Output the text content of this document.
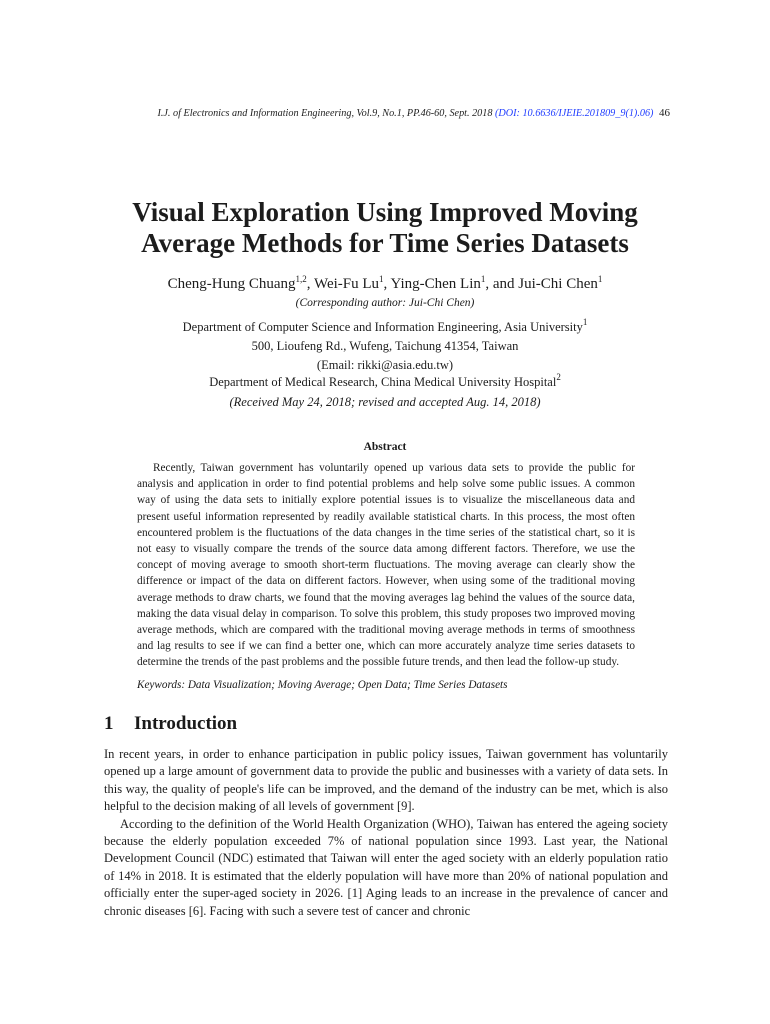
I.J. of Electronics and Information Engineering, Vol.9, No.1, PP.46-60, Sept. 2018 (DOI: 10.6636/IJEIE.201809_9(1).06) 46
Visual Exploration Using Improved Moving
Average Methods for Time Series Datasets
Cheng-Hung Chuang$^{1,2}$, Wei-Fu Lu$^1$, Ying-Chen Lin$^1$, and Jui-Chi Chen$^1$
(Corresponding author: Jui-Chi Chen)
Department of Computer Science and Information Engineering, Asia University$^1$
500, Lioufeng Rd., Wufeng, Taichung 41354, Taiwan
(Email: rikki@asia.edu.tw)
Department of Medical Research, China Medical University Hospital$^2$
(Received May 24, 2018; revised and accepted Aug. 14, 2018)
Abstract
Recently, Taiwan government has voluntarily opened up various data sets to provide the public for analysis and application in order to find potential problems and help solve some public issues. A common way of using the data sets to initially explore potential issues is to visualize the miscellaneous data and present useful information represented by readily available statistical charts. In this process, the most often encountered problem is the fluctuations of the data changes in the time series of the statistical chart, so it is not easy to visually compare the trends of the source data among different factors. Therefore, we use the concept of moving average to smooth short-term fluctuations. The moving average can clearly show the difference or impact of the data on different factors. However, when using some of the traditional moving average methods to draw charts, we found that the moving averages lag behind the values of the source data, making the data visual delay in comparison. To solve this problem, this study proposes two improved moving average methods, which are compared with the traditional moving average methods in terms of smoothness and lag results to see if we can find a better one, which can more accurately analyze time series datasets to determine the trends of the past problems and the possible future trends, and then lead the follow-up study.
Keywords: Data Visualization; Moving Average; Open Data; Time Series Datasets
1 Introduction

In recent years, in order to enhance participation in public policy issues, Taiwan government has voluntarily opened up a large amount of government data to provide the public and businesses with a variety of data sets. In this way, the quality of people's life can be improved, and the demand of the industry can be met, which is also helpful to the decision making of all levels of government [9].

According to the definition of the World Health Organization (WHO), Taiwan has entered the ageing society because the elderly population exceeded 7% of national population since 1993. Last year, the National Development Council (NDC) estimated that Taiwan will enter the aged society with an elderly population ratio of 14% in 2018. It is estimated that the elderly population will have more than 20% of national population and officially enter the super-aged society in 2026. [1] Aging leads to an increase in the prevalence of cancer and chronic diseases [6]. Facing with such a severe test of cancer and chronic
